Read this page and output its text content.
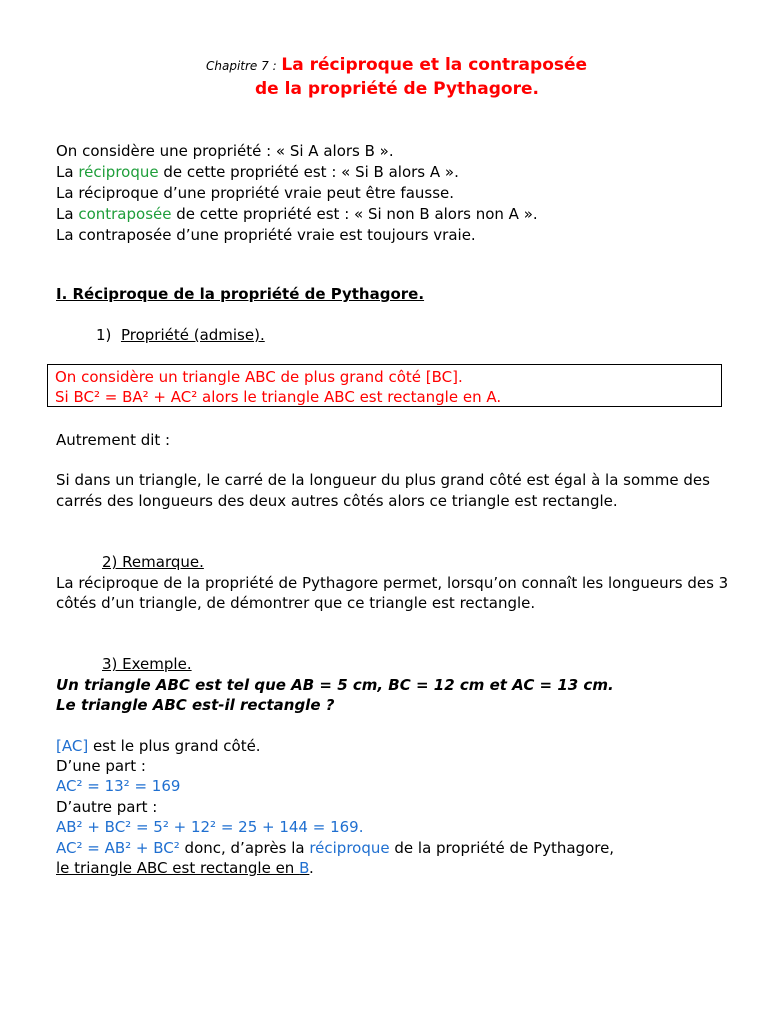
Chapitre 7 : La réciproque et la contraposée
de la propriété de Pythagore.
On considère une propriété : « Si A alors B ».
La réciproque de cette propriété est : « Si B alors A ».
La réciproque d’une propriété vraie peut être fausse.
La contraposée de cette propriété est : « Si non B alors non A ».
La contraposée d’une propriété vraie est toujours vraie.
I. Réciproque de la propriété de Pythagore.
1) Propriété (admise).
On considère un triangle ABC de plus grand côté [BC].
Si BC² = BA² + AC² alors le triangle ABC est rectangle en A.
Autrement dit :
Si dans un triangle, le carré de la longueur du plus grand côté est égal à la somme des
carrés des longueurs des deux autres côtés alors ce triangle est rectangle.
2) Remarque.
La réciproque de la propriété de Pythagore permet, lorsqu’on connaît les longueurs des 3
côtés d’un triangle, de démontrer que ce triangle est rectangle.
3) Exemple.
Un triangle ABC est tel que AB = 5 cm, BC = 12 cm et AC = 13 cm.
Le triangle ABC est-il rectangle ?
[AC] est le plus grand côté.
D’une part :
AC² = 13² = 169
D’autre part :
AB² + BC² = 5² + 12² = 25 + 144 = 169.
AC² = AB² + BC² donc, d’après la réciproque de la propriété de Pythagore,
le triangle ABC est rectangle en B .
